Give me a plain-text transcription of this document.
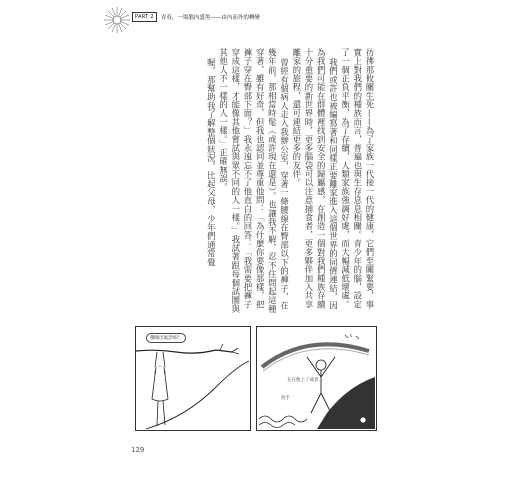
PART 2	青春，一場腦內盛黑——由內而外的轉變

彷彿那攸關生死——為了家族一代接一代的健康，它們至關緊要，事實上對我們的種族而言，普遍也與生存息息相關。青少年的腦，設定了一個正負平衡，為了存續，人類家族強調好處，而大幅減低壞處。

我們或許也被編寫著和同樣正要離家進入這個世界的同儕連結，因為我們可能在群體裡找到安全的歸屬感，在創造一個對我們種族存續十分重要的新世界時，更多腦袋可以注意捕食者，更多夥伴加入共享離家的旅程，還可連結更多的友伴。

曾經有個病人走入我辦公室，穿著一條腰線在臀部以下的褲子，在幾年前，那相當時髦（或許現在還是）。也讓我不解，忍不住問起這種穿著，雖有好奇，但我也認同並尊重他問：「為什麼你要像那樣，把褲子穿在臀部下面？」我永遠忘不了他直白的回答：「我需要把褲子穿成這樣，才能像其他嘗試與眾不同的人一樣。」我試著跟每個試圖與其他人不一樣的人一樣。」正確無誤。

喔，那幫助我了解整個狀況，比起父母，少年們通常覺

哦嗨出航恐怖？
在在他上了或者…
放手
129
